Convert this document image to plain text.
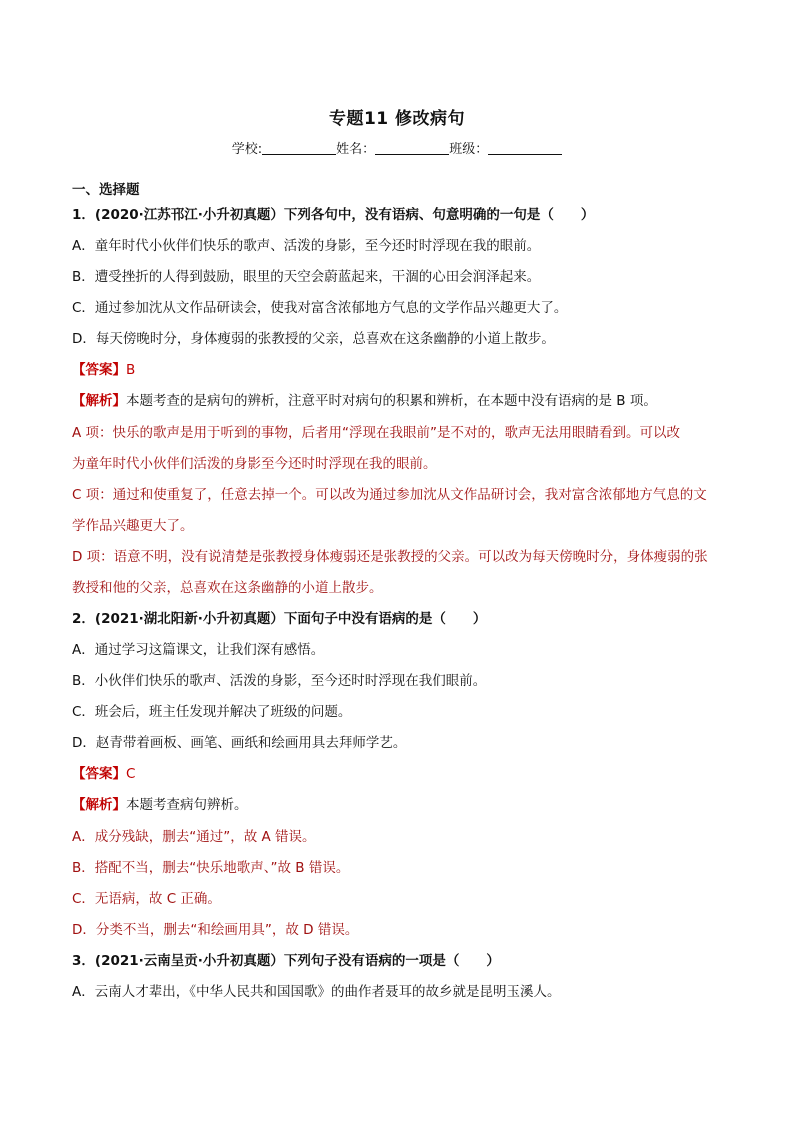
专题11 修改病句
学校:	姓名：	班级：
一、选择题
1．(2020·江苏邗江·小升初真题）下列各句中，没有语病、句意明确的一句是（　　）
A．童年时代小伙伴们快乐的歌声、活泼的身影，至今还时时浮现在我的眼前。
B．遭受挫折的人得到鼓励，眼里的天空会蔚蓝起来，干涸的心田会润泽起来。
C．通过参加沈从文作品研读会，使我对富含浓郁地方气息的文学作品兴趣更大了。
D．每天傍晚时分，身体瘦弱的张教授的父亲，总喜欢在这条幽静的小道上散步。
【答案】B
【解析】本题考查的是病句的辨析，注意平时对病句的积累和辨析，在本题中没有语病的是 B 项。
A 项：快乐的歌声是用于听到的事物，后者用“浮现在我眼前”是不对的，歌声无法用眼睛看到。可以改
为童年时代小伙伴们活泼的身影至今还时时浮现在我的眼前。
C 项：通过和使重复了，任意去掉一个。可以改为通过参加沈从文作品研讨会，我对富含浓郁地方气息的文
学作品兴趣更大了。
D 项：语意不明，没有说清楚是张教授身体瘦弱还是张教授的父亲。可以改为每天傍晚时分，身体瘦弱的张
教授和他的父亲，总喜欢在这条幽静的小道上散步。
2．(2021·湖北阳新·小升初真题）下面句子中没有语病的是（　　）
A．通过学习这篇课文，让我们深有感悟。
B．小伙伴们快乐的歌声、活泼的身影，至今还时时浮现在我们眼前。
C．班会后，班主任发现并解决了班级的问题。
D．赵青带着画板、画笔、画纸和绘画用具去拜师学艺。
【答案】C
【解析】本题考查病句辨析。
A．成分残缺，删去“通过”，故 A 错误。
B．搭配不当，删去“快乐地歌声、”故 B 错误。
C．无语病，故 C 正确。
D．分类不当，删去“和绘画用具”，故 D 错误。
3．(2021·云南呈贡·小升初真题）下列句子没有语病的一项是（　　）
A．云南人才辈出，《中华人民共和国国歌》的曲作者聂耳的故乡就是昆明玉溪人。
